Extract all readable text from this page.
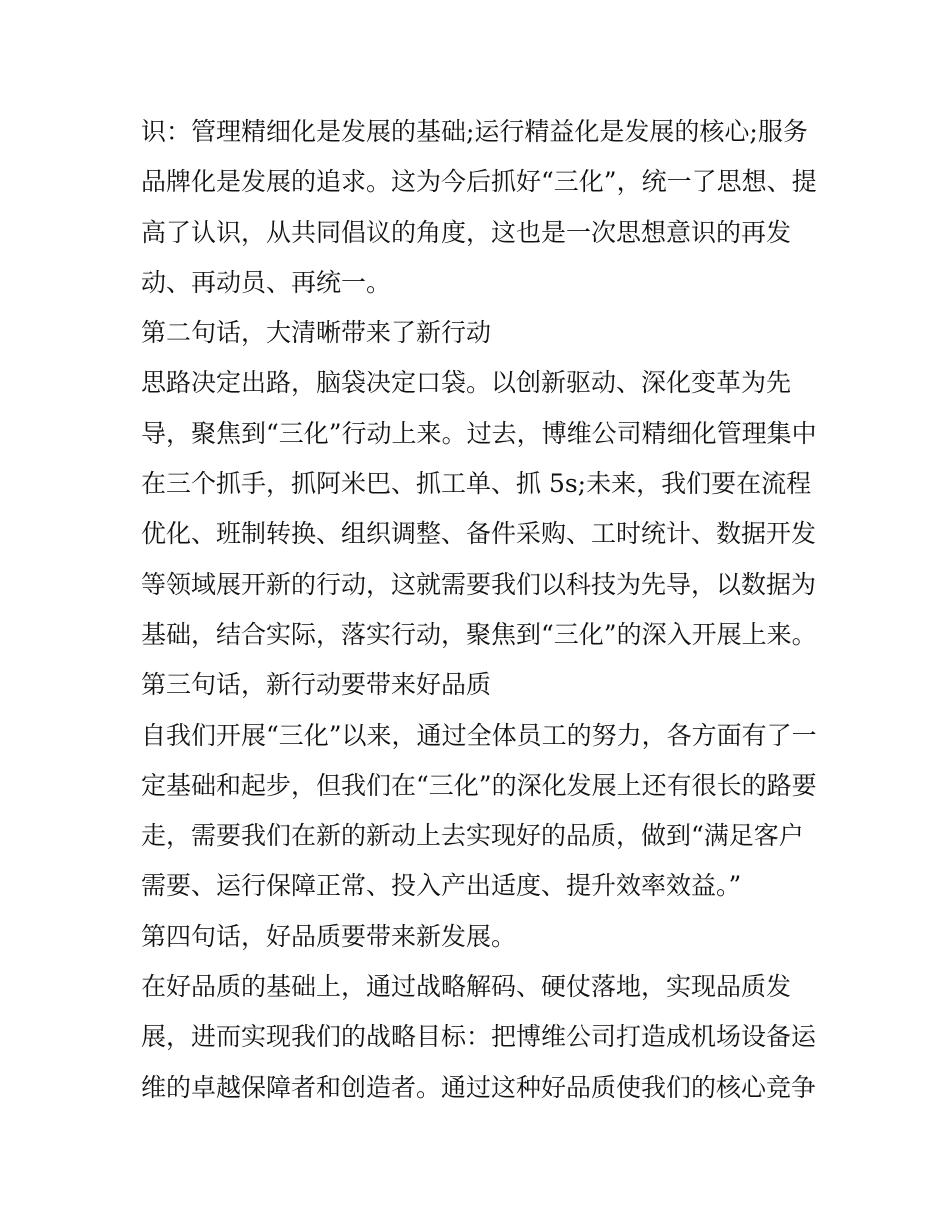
识：管理精细化是发展的基础;运行精益化是发展的核心;服务
品牌化是发展的追求。这为今后抓好“三化”，统一了思想、提
高了认识，从共同倡议的角度，这也是一次思想意识的再发
动、再动员、再统一。
第二句话，大清晰带来了新行动
思路决定出路，脑袋决定口袋。以创新驱动、深化变革为先
导，聚焦到“三化”行动上来。过去，博维公司精细化管理集中
在三个抓手，抓阿米巴、抓工单、抓 5s;未来，我们要在流程
优化、班制转换、组织调整、备件采购、工时统计、数据开发
等领域展开新的行动，这就需要我们以科技为先导，以数据为
基础，结合实际，落实行动，聚焦到“三化”的深入开展上来。
第三句话，新行动要带来好品质
自我们开展“三化”以来，通过全体员工的努力，各方面有了一
定基础和起步，但我们在“三化”的深化发展上还有很长的路要
走，需要我们在新的新动上去实现好的品质，做到“满足客户
需要、运行保障正常、投入产出适度、提升效率效益。”
第四句话，好品质要带来新发展。
在好品质的基础上，通过战略解码、硬仗落地，实现品质发
展，进而实现我们的战略目标：把博维公司打造成机场设备运
维的卓越保障者和创造者。通过这种好品质使我们的核心竞争
